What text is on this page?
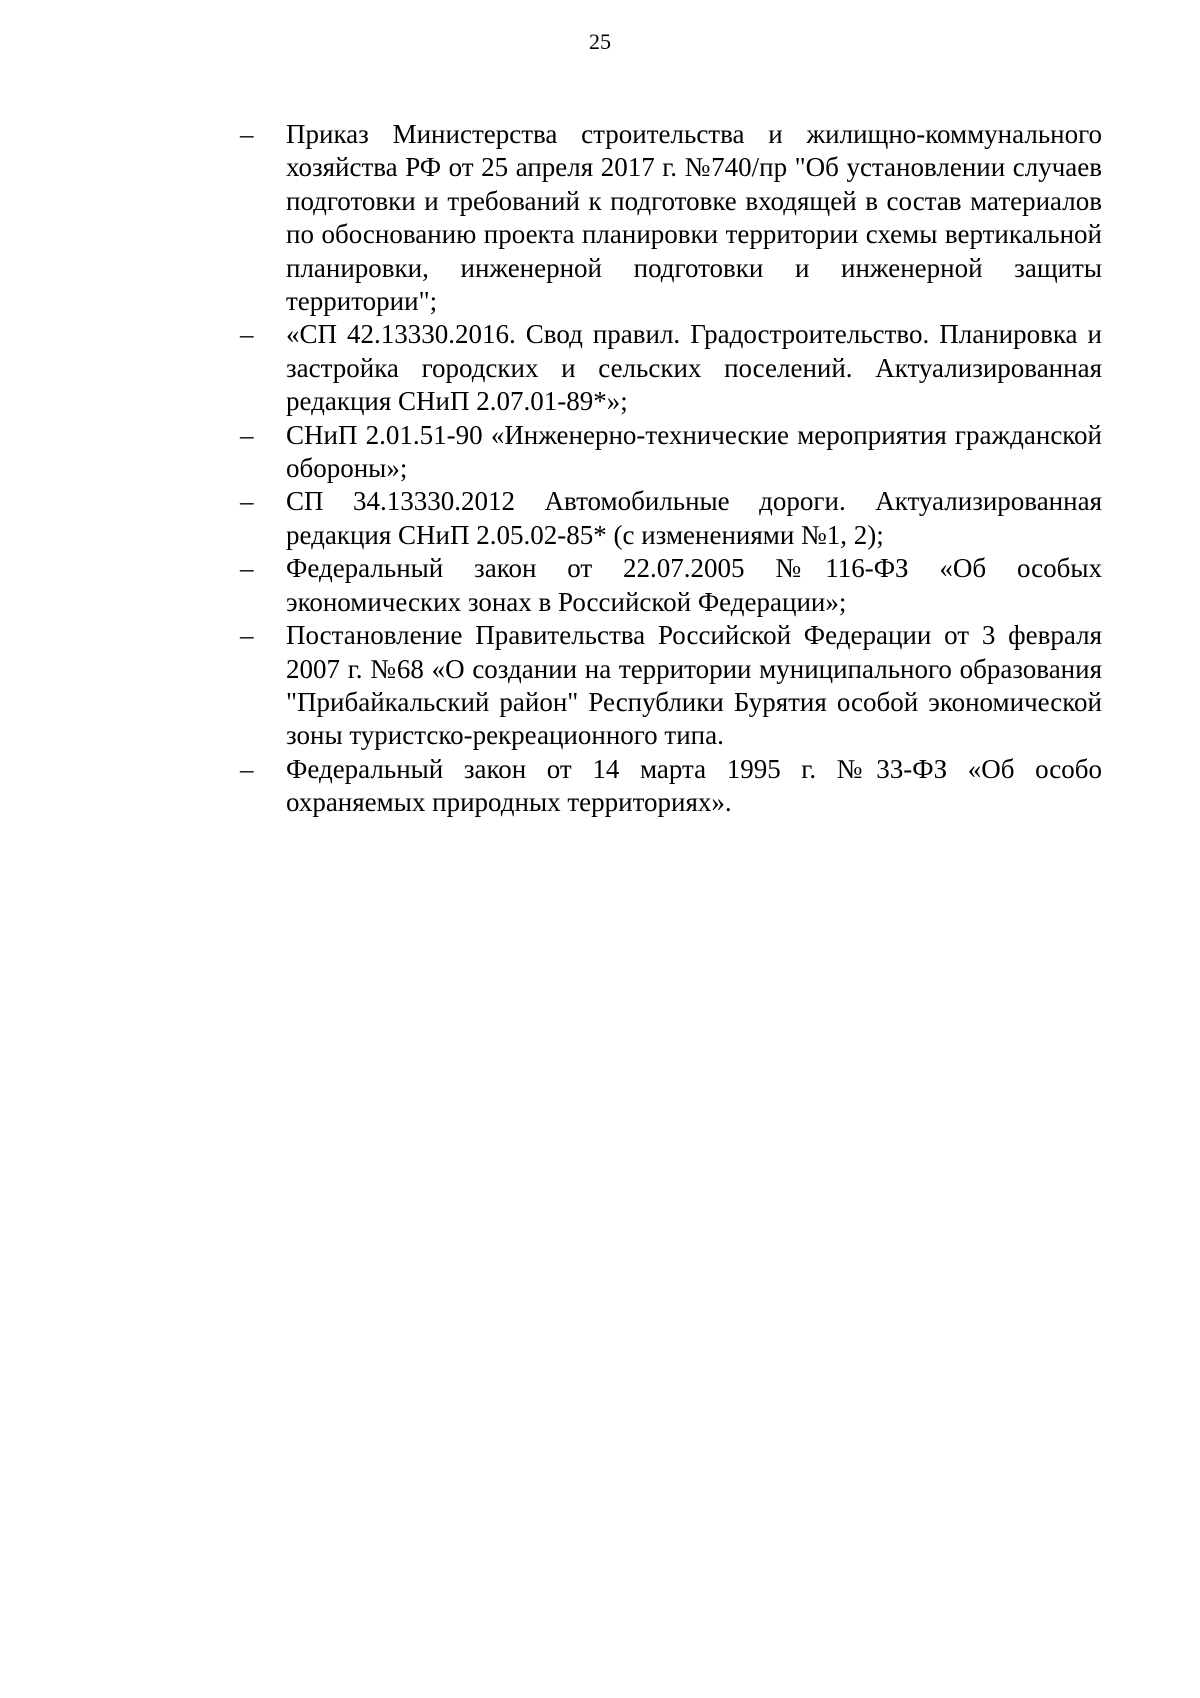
25
– Приказ Министерства строительства и жилищно-коммунального хозяйства РФ от 25 апреля 2017 г. №740/пр "Об установлении случаев подготовки и требований к подготовке входящей в состав материалов по обоснованию проекта планировки территории схемы вертикальной планировки, инженерной подготовки и инженерной защиты территории";
– «СП 42.13330.2016. Свод правил. Градостроительство. Планировка и застройка городских и сельских поселений. Актуализированная редакция СНиП 2.07.01-89*»;
– СНиП 2.01.51-90 «Инженерно-технические мероприятия гражданской обороны»;
– СП 34.13330.2012 Автомобильные дороги. Актуализированная редакция СНиП 2.05.02-85* (с изменениями №1, 2);
– Федеральный закон от 22.07.2005 №116-ФЗ «Об особых экономических зонах в Российской Федерации»;
– Постановление Правительства Российской Федерации от 3 февраля 2007 г. №68 «О создании на территории муниципального образования "Прибайкальский район" Республики Бурятия особой экономической зоны туристско-рекреационного типа.
– Федеральный закон от 14 марта 1995 г. №33-ФЗ «Об особо охраняемых природных территориях».
